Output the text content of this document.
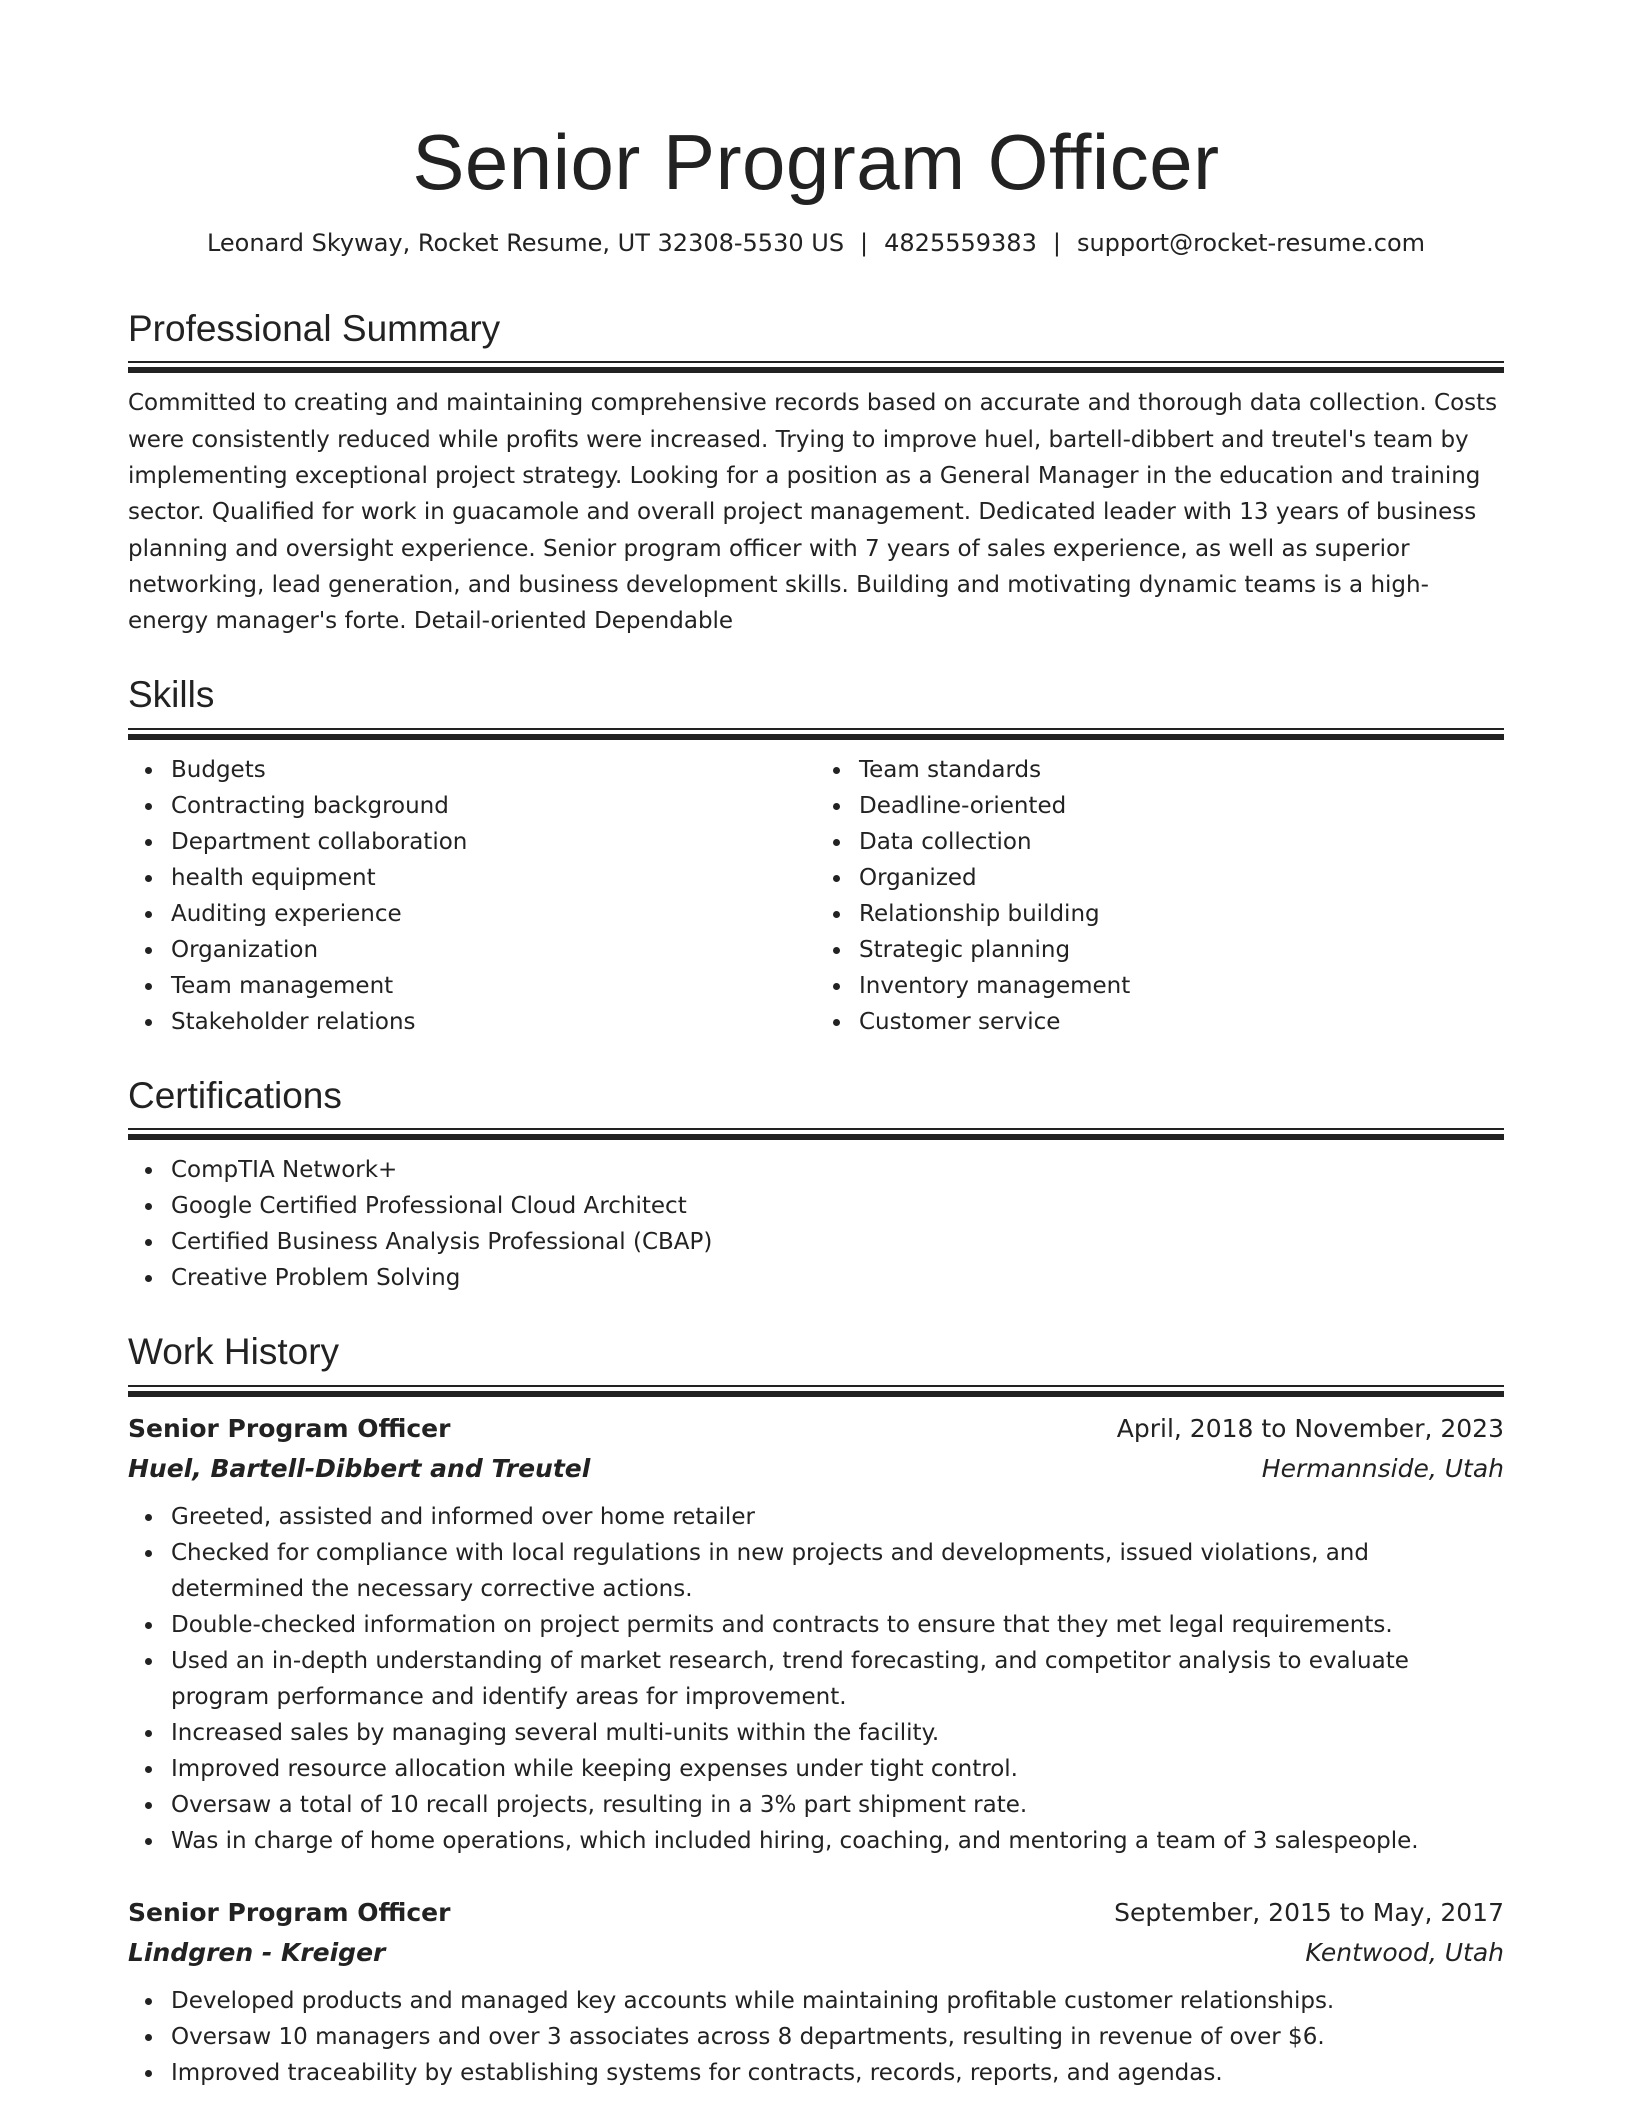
Senior Program Officer
Leonard Skyway, Rocket Resume, UT 32308-5530 US | 4825559383 | support@rocket-resume.com
Professional Summary

Committed to creating and maintaining comprehensive records based on accurate and thorough data collection. Costs were consistently reduced while profits were increased. Trying to improve huel, bartell-dibbert and treutel's team by implementing exceptional project strategy. Looking for a position as a General Manager in the education and training sector. Qualified for work in guacamole and overall project management. Dedicated leader with 13 years of business planning and oversight experience. Senior program officer with 7 years of sales experience, as well as superior networking, lead generation, and business development skills. Building and motivating dynamic teams is a high-energy manager's forte. Detail-oriented Dependable

Skills
Budgets
Contracting background
Department collaboration
health equipment
Auditing experience
Organization
Team management
Stakeholder relations
Team standards
Deadline-oriented
Data collection
Organized
Relationship building
Strategic planning
Inventory management
Customer service
Certifications
CompTIA Network+
Google Certified Professional Cloud Architect
Certified Business Analysis Professional (CBAP)
Creative Problem Solving
Work History
Senior Program Officer	April, 2018 to November, 2023
Huel, Bartell-Dibbert and Treutel	Hermannside, Utah
Greeted, assisted and informed over home retailer
Checked for compliance with local regulations in new projects and developments, issued violations, and determined the necessary corrective actions.
Double-checked information on project permits and contracts to ensure that they met legal requirements.
Used an in-depth understanding of market research, trend forecasting, and competitor analysis to evaluate program performance and identify areas for improvement.
Increased sales by managing several multi-units within the facility.
Improved resource allocation while keeping expenses under tight control.
Oversaw a total of 10 recall projects, resulting in a 3% part shipment rate.
Was in charge of home operations, which included hiring, coaching, and mentoring a team of 3 salespeople.
Senior Program Officer	September, 2015 to May, 2017
Lindgren - Kreiger	Kentwood, Utah
Developed products and managed key accounts while maintaining profitable customer relationships.
Oversaw 10 managers and over 3 associates across 8 departments, resulting in revenue of over $6.
Improved traceability by establishing systems for contracts, records, reports, and agendas.
